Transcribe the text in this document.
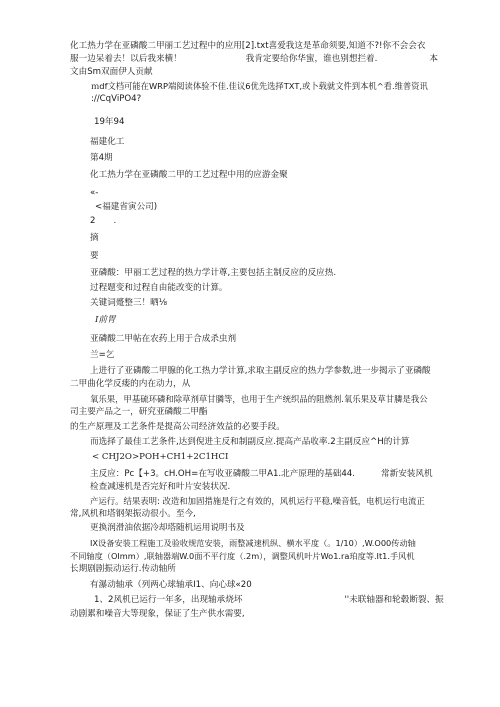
化工热力学在亚磷酸二甲丽工艺过程中的应用[2].txt喜爱我这是革命须要,知道不?!你不会会衣
服一边呆着去！以后我来横！	我肯定要给你华蜜，谁也别想拦着.	本
文由Sm双面伊人贡献
ｍdf文档可能在WRP端阅读体验不佳.佳议6优先选择TXT,或卜载就文件到本机^看.维普资讯
://CqViPO4?
19年94
福建化工
第4期
化工热力学在亚磷酸二甲的工艺过程中用的应游金聚
«-
<福建省寅公司)
2 .
摘
要
亚磷酸：甲丽工艺过程的热力学计尊,主要包括主制反应的反应热.
过程题变和过程自由能改变的计算。
关键词蹙整三！晒⅛
I前胃
亚磷酸二甲帖在农药上用于合成杀虫剂
兰=乞
上进行了亚磷酸二甲腺的化工热力学计算,求取主副反应的热力学参数,进一步揭示了亚磷酸
二甲曲化学反瘘的内在动力，从
氧乐果，甲基硫环磷和除草剂草甘膦等，也用于生产统织品的阻燃剂.氧乐果及草甘膦是我公
司主要产品之一，研究亚磷酸二甲酯
的生产原理及工艺条件是提高公司经济效益的必要手段。
而选择了最佳工艺条件,达到倪进主反和制副反应.提高产品收率.2主副反应^H的计算
< CHJ2O>POH+CH1+2C1HCI
主反应：Pc【+3。cH.OH=在写收亚磷酸二甲A1.北产原理的基础44.	常新安装风机
检查减速机是否完好和叶片安装状况.
产运行。结果表明: 改造和加固措施是行之有效的，风机运行平稳,噪音低，电机运行电流正
常,风机和塔钢架振动很小。至今,
更换润滑油依据冷却塔随机运用说明书及
IX设备安装工程施工及验收规范安装，雨整减速机纵、横水平度（。1/10）,W.O00传动轴
不同轴度（OImm）,联轴器端W.0面不平行度（.2m），调整风机叶片Wo1.ra珀度等.It1.手风机
长期剧剧振动运行.传动轴所
有瀑动轴承（列两心球轴承I1、向心球«20
1、2风机已运行一年多，出现轴承烧坏	''未联轴器和轮毂断裂、振
动剧累和噪音大等现象，保证了生产供水需要,
